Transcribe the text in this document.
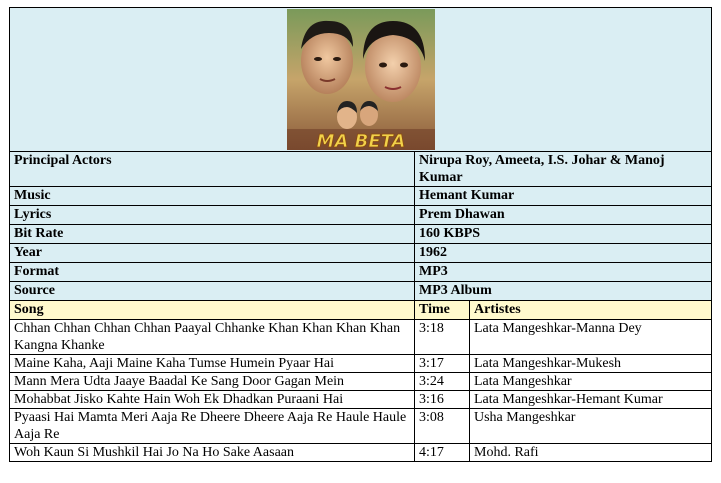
MA BETA		

Principal Actors	Nirupa Roy, Ameeta, I.S. Johar & Manoj Kumar	
Music	Hemant Kumar	
Lyrics	Prem Dhawan	
Bit Rate	160 KBPS	
Year	1962	
Format	MP3	
Source	MP3 Album	
Song	Time	Artistes
Chhan Chhan Chhan Chhan Paayal Chhanke Khan Khan Khan Khan Kangna Khanke	3:18	Lata Mangeshkar-Manna Dey
Maine Kaha, Aaji Maine Kaha Tumse Humein Pyaar Hai	3:17	Lata Mangeshkar-Mukesh
Mann Mera Udta Jaaye Baadal Ke Sang Door Gagan Mein	3:24	Lata Mangeshkar
Mohabbat Jisko Kahte Hain Woh Ek Dhadkan Puraani Hai	3:16	Lata Mangeshkar-Hemant Kumar
Pyaasi Hai Mamta Meri Aaja Re Dheere Dheere Aaja Re Haule Haule Aaja Re	3:08	Usha Mangeshkar
Woh Kaun Si Mushkil Hai Jo Na Ho Sake Aasaan	4:17	Mohd. Rafi
